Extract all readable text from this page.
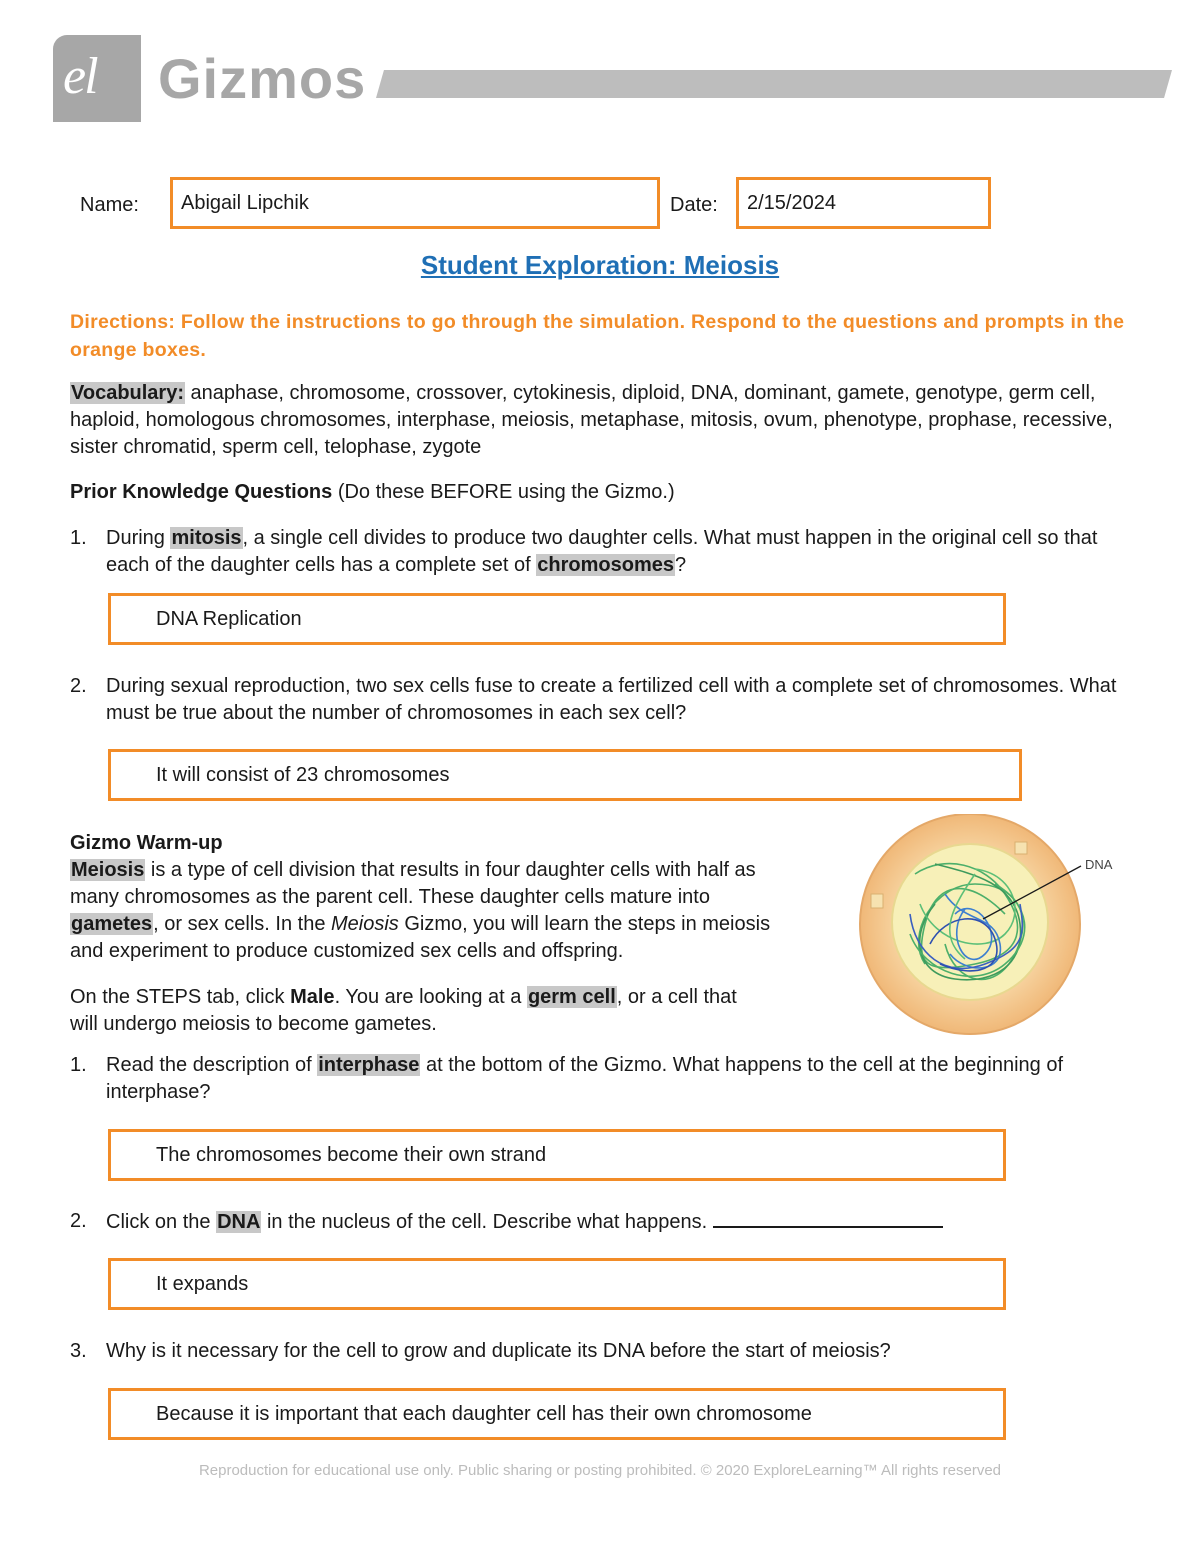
el Gizmos
Name:	Abigail Lipchik	Date:	2/15/2024
Student Exploration: Meiosis
Directions: Follow the instructions to go through the simulation. Respond to the questions and prompts in the orange boxes.
Vocabulary: anaphase, chromosome, crossover, cytokinesis, diploid, DNA, dominant, gamete, genotype, germ cell, haploid, homologous chromosomes, interphase, meiosis, metaphase, mitosis, ovum, phenotype, prophase, recessive, sister chromatid, sperm cell, telophase, zygote
Prior Knowledge Questions (Do these BEFORE using the Gizmo.)
1. During mitosis, a single cell divides to produce two daughter cells. What must happen in the original cell so that each of the daughter cells has a complete set of chromosomes?
DNA Replication
2. During sexual reproduction, two sex cells fuse to create a fertilized cell with a complete set of chromosomes. What must be true about the number of chromosomes in each sex cell?
It will consist of 23 chromosomes
Gizmo Warm-up
Meiosis is a type of cell division that results in four daughter cells with half as many chromosomes as the parent cell. These daughter cells mature into gametes, or sex cells. In the Meiosis Gizmo, you will learn the steps in meiosis and experiment to produce customized sex cells and offspring.
On the STEPS tab, click Male. You are looking at a germ cell, or a cell that will undergo meiosis to become gametes.
DNA
1. Read the description of interphase at the bottom of the Gizmo. What happens to the cell at the beginning of interphase?
The chromosomes become their own strand
2. Click on the DNA in the nucleus of the cell. Describe what happens.
It expands
3. Why is it necessary for the cell to grow and duplicate its DNA before the start of meiosis?
Because it is important that each daughter cell has their own chromosome
Reproduction for educational use only. Public sharing or posting prohibited. © 2020 ExploreLearning™ All rights reserved
